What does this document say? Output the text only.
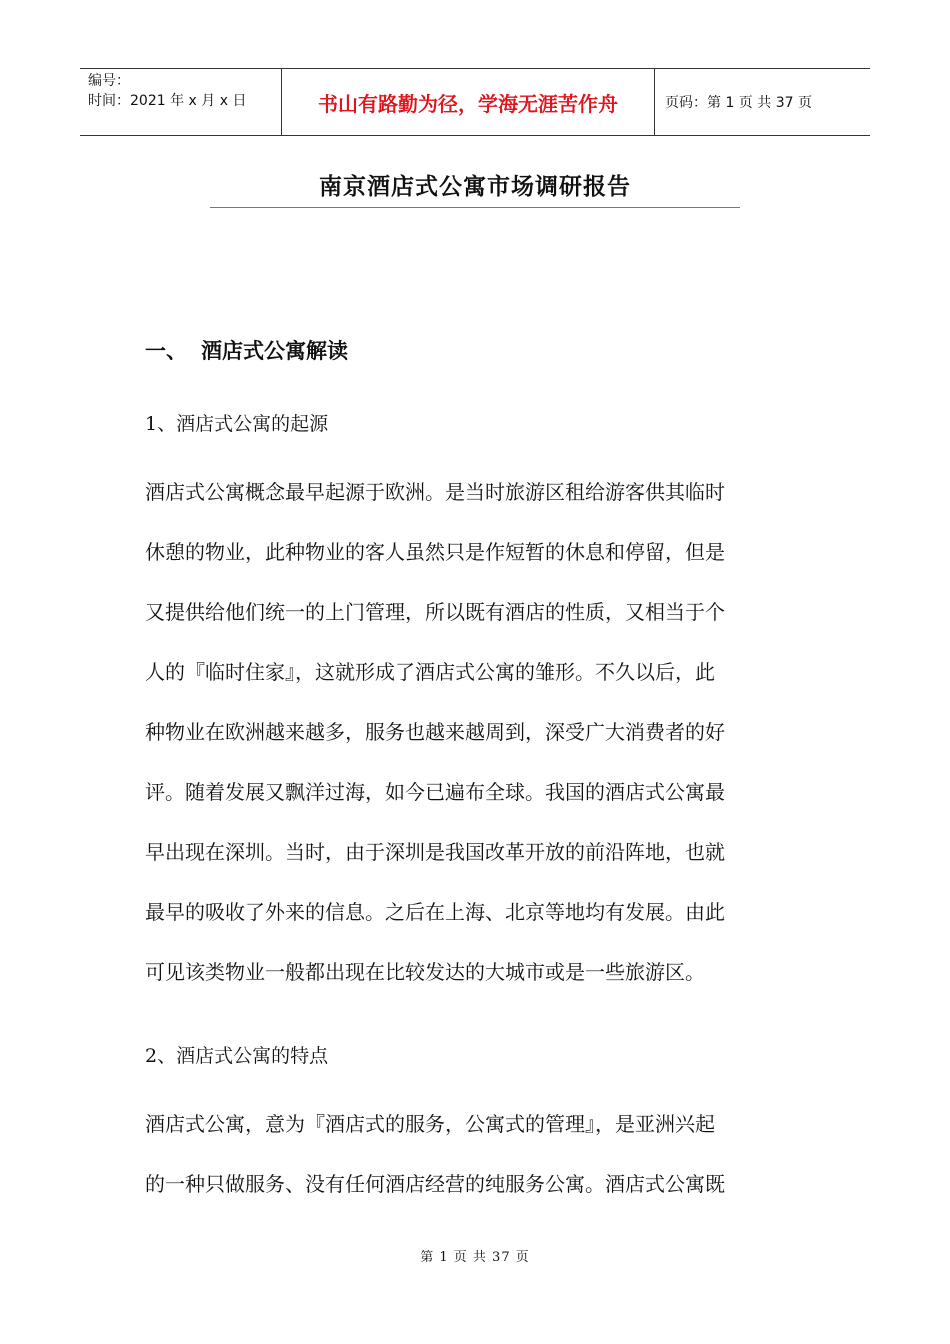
编号：
时间：2021 年 x 月 x 日	书山有路勤为径，学海无涯苦作舟	页码：第 1 页 共 37 页
南京酒店式公寓市场调研报告
一、 酒店式公寓解读
1、酒店式公寓的起源
酒店式公寓概念最早起源于欧洲。是当时旅游区租给游客供其临时
休憩的物业，此种物业的客人虽然只是作短暂的休息和停留，但是
又提供给他们统一的上门管理，所以既有酒店的性质，又相当于个
人的『临时住家』，这就形成了酒店式公寓的雏形。不久以后，此
种物业在欧洲越来越多，服务也越来越周到，深受广大消费者的好
评。随着发展又飘洋过海，如今已遍布全球。我国的酒店式公寓最
早出现在深圳。当时，由于深圳是我国改革开放的前沿阵地，也就
最早的吸收了外来的信息。之后在上海、北京等地均有发展。由此
可见该类物业一般都出现在比较发达的大城市或是一些旅游区。
2、酒店式公寓的特点
酒店式公寓，意为『酒店式的服务，公寓式的管理』，是亚洲兴起
的一种只做服务、没有任何酒店经营的纯服务公寓。酒店式公寓既
第 1 页 共 37 页
